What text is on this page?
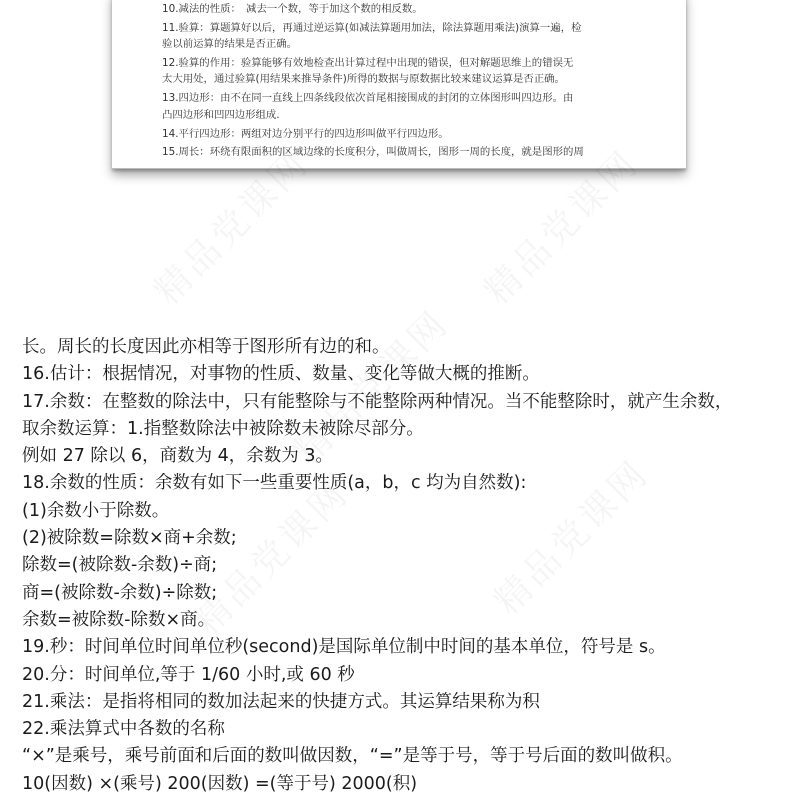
10.减法的性质：　减去一个数，等于加这个数的相反数。
11.验算：算题算好以后，再通过逆运算(如减法算题用加法，除法算题用乘法)演算一遍，检
验以前运算的结果是否正确。
12.验算的作用：验算能够有效地检查出计算过程中出现的错误，但对解题思维上的错误无
太大用处，通过验算(用结果来推导条件)所得的数据与原数据比较来建议运算是否正确。
13.四边形：由不在同一直线上四条线段依次首尾相接围成的封闭的立体图形叫四边形。由
凸四边形和凹四边形组成.
14.平行四边形：两组对边分别平行的四边形叫做平行四边形。
15.周长：环绕有限面积的区域边缘的长度积分，叫做周长，图形一周的长度，就是图形的周
长。周长的长度因此亦相等于图形所有边的和。
16.估计：根据情况，对事物的性质、数量、变化等做大概的推断。
17.余数：在整数的除法中，只有能整除与不能整除两种情况。当不能整除时，就产生余数，
取余数运算：1.指整数除法中被除数未被除尽部分。
例如 27 除以 6，商数为 4，余数为 3。
18.余数的性质：余数有如下一些重要性质(a，b，c 均为自然数):
(1)余数小于除数。
(2)被除数=除数×商+余数;
除数=(被除数-余数)÷商;
商=(被除数-余数)÷除数;
余数=被除数-除数×商。
19.秒：时间单位时间单位秒(second)是国际单位制中时间的基本单位，符号是 s。
20.分：时间单位,等于 1/60 小时,或 60 秒
21.乘法：是指将相同的数加法起来的快捷方式。其运算结果称为积
22.乘法算式中各数的名称
“×”是乘号，乘号前面和后面的数叫做因数，“=”是等于号，等于号后面的数叫做积。
10(因数) ×(乘号) 200(因数) =(等于号) 2000(积)
